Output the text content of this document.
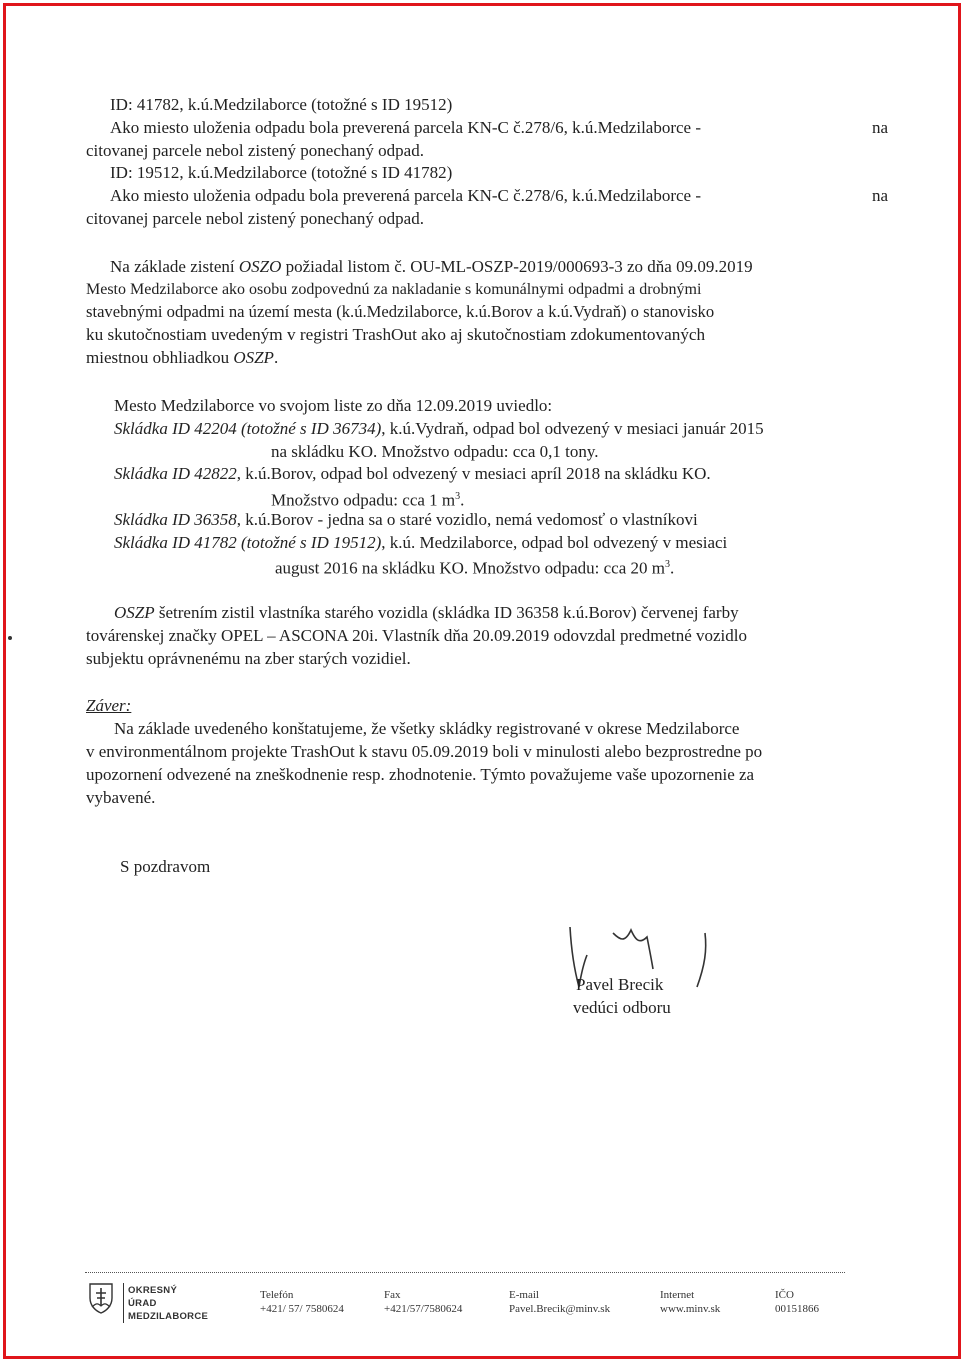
ID: 41782, k.ú.Medzilaborce (totožné s ID 19512)
Ako miesto uloženia odpadu bola preverená parcela KN-C č.278/6, k.ú.Medzilaborce -	na
citovanej parcele nebol zistený ponechaný odpad.
ID: 19512, k.ú.Medzilaborce (totožné s ID 41782)
Ako miesto uloženia odpadu bola preverená parcela KN-C č.278/6, k.ú.Medzilaborce -	na
citovanej parcele nebol zistený ponechaný odpad.
Na základe zistení OSZO požiadal listom č. OU-ML-OSZP-2019/000693-3 zo dňa 09.09.2019
Mesto Medzilaborce ako osobu zodpovednú za nakladanie s komunálnymi odpadmi a drobnými
stavebnými odpadmi na území mesta (k.ú.Medzilaborce, k.ú.Borov a k.ú.Vydraň) o stanovisko
ku skutočnostiam uvedeným v registri TrashOut ako aj skutočnostiam zdokumentovaných
miestnou obhliadkou OSZP.
Mesto Medzilaborce vo svojom liste zo dňa 12.09.2019 uviedlo:
Skládka ID 42204 (totožné s ID 36734), k.ú.Vydraň, odpad bol odvezený v mesiaci január 2015
na skládku KO. Množstvo odpadu: cca 0,1 tony.
Skládka ID 42822, k.ú.Borov, odpad bol odvezený v mesiaci apríl 2018 na skládku KO.
Množstvo odpadu: cca 1 $m^3$.
Skládka ID 36358, k.ú.Borov - jedna sa o staré vozidlo, nemá vedomosť o vlastníkovi
Skládka ID 41782 (totožné s ID 19512), k.ú. Medzilaborce, odpad bol odvezený v mesiaci
august 2016 na skládku KO. Množstvo odpadu: cca 20 $m^3$.
OSZP šetrením zistil vlastníka starého vozidla (skládka ID 36358 k.ú.Borov) červenej farby
továrenskej značky OPEL – ASCONA 20i. Vlastník dňa 20.09.2019 odovzdal predmetné vozidlo
subjektu oprávnenému na zber starých vozidiel.
Záver:
Na základe uvedeného konštatujeme, že všetky skládky registrované v okrese Medzilaborce
v environmentálnom projekte TrashOut k stavu 05.09.2019 boli v minulosti alebo bezprostredne po
upozornení odvezené na zneškodnenie resp. zhodnotenie. Týmto považujeme vaše upozornenie za
vybavené.
S pozdravom
Pavel Brecik
vedúci odboru
OKRESNÝ
ÚRAD
MEDZILABORCE
Telefón
+421/ 57/ 7580624
Fax
+421/57/7580624
E-mail
Pavel.Brecik@minv.sk
Internet
www.minv.sk
IČO
00151866
